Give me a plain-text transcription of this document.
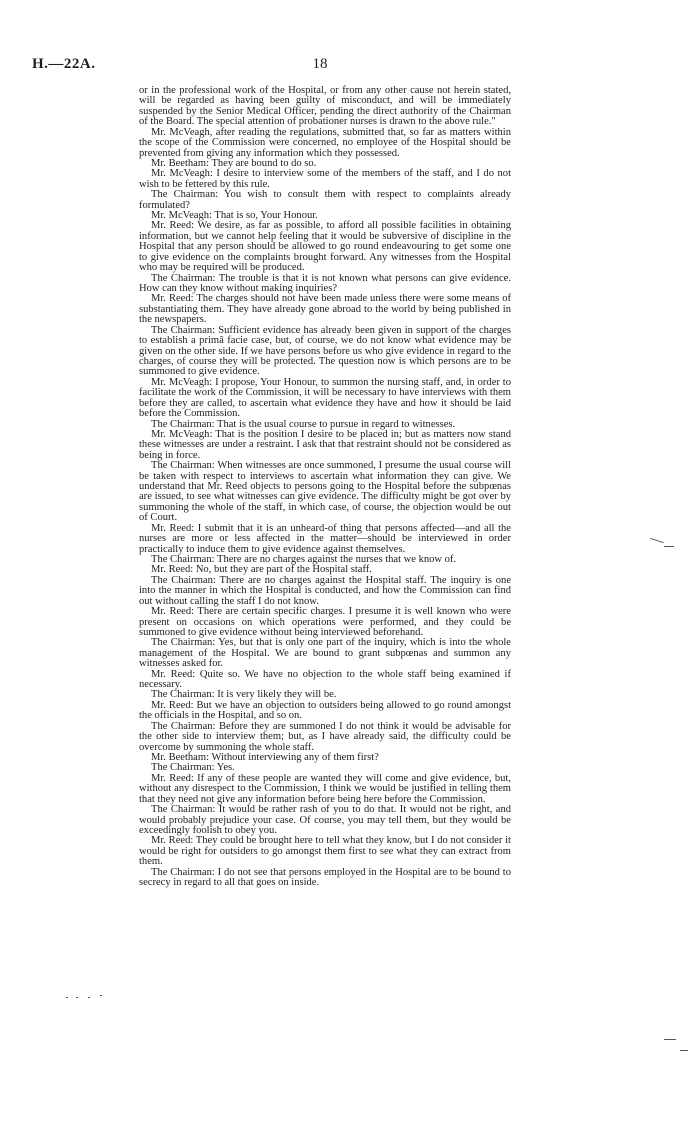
H.—22A.	18

or in the professional work of the Hospital, or from any other cause not herein stated, will be regarded as having been guilty of misconduct, and will be immediately suspended by the Senior Medical Officer, pending the direct authority of the Chairman of the Board. The special attention of probationer nurses is drawn to the above rule."

Mr. McVeagh, after reading the regulations, submitted that, so far as matters within the scope of the Commission were concerned, no employee of the Hospital should be prevented from giving any information which they possessed.

Mr. Beetham: They are bound to do so.

Mr. McVeagh: I desire to interview some of the members of the staff, and I do not wish to be fettered by this rule.

The Chairman: You wish to consult them with respect to complaints already formulated?

Mr. McVeagh: That is so, Your Honour.

Mr. Reed: We desire, as far as possible, to afford all possible facilities in obtaining information, but we cannot help feeling that it would be subversive of discipline in the Hospital that any person should be allowed to go round endeavouring to get some one to give evidence on the complaints brought forward. Any witnesses from the Hospital who may be required will be produced.

The Chairman: The trouble is that it is not known what persons can give evidence. How can they know without making inquiries?

Mr. Reed: The charges should not have been made unless there were some means of substantiating them. They have already gone abroad to the world by being published in the newspapers.

The Chairman: Sufficient evidence has already been given in support of the charges to establish a primâ facie case, but, of course, we do not know what evidence may be given on the other side. If we have persons before us who give evidence in regard to the charges, of course they will be protected. The question now is which persons are to be summoned to give evidence.

Mr. McVeagh: I propose, Your Honour, to summon the nursing staff, and, in order to facilitate the work of the Commission, it will be necessary to have interviews with them before they are called, to ascertain what evidence they have and how it should be laid before the Commission.

The Chairman: That is the usual course to pursue in regard to witnesses.

Mr. McVeagh: That is the position I desire to be placed in; but as matters now stand these witnesses are under a restraint. I ask that that restraint should not be considered as being in force.

The Chairman: When witnesses are once summoned, I presume the usual course will be taken with respect to interviews to ascertain what information they can give. We understand that Mr. Reed objects to persons going to the Hospital before the subpœnas are issued, to see what witnesses can give evidence. The difficulty might be got over by summoning the whole of the staff, in which case, of course, the objection would be out of Court.

Mr. Reed: I submit that it is an unheard-of thing that persons affected—and all the nurses are more or less affected in the matter—should be interviewed in order practically to induce them to give evidence against themselves.

The Chairman: There are no charges against the nurses that we know of.

Mr. Reed: No, but they are part of the Hospital staff.

The Chairman: There are no charges against the Hospital staff. The inquiry is one into the manner in which the Hospital is conducted, and how the Commission can find out without calling the staff I do not know.

Mr. Reed: There are certain specific charges. I presume it is well known who were present on occasions on which operations were performed, and they could be summoned to give evidence without being interviewed beforehand.

The Chairman: Yes, but that is only one part of the inquiry, which is into the whole management of the Hospital. We are bound to grant subpœnas and summon any witnesses asked for.

Mr. Reed: Quite so. We have no objection to the whole staff being examined if necessary.

The Chairman: It is very likely they will be.

Mr. Reed: But we have an objection to outsiders being allowed to go round amongst the officials in the Hospital, and so on.

The Chairman: Before they are summoned I do not think it would be advisable for the other side to interview them; but, as I have already said, the difficulty could be overcome by summoning the whole staff.

Mr. Beetham: Without interviewing any of them first?

The Chairman: Yes.

Mr. Reed: If any of these people are wanted they will come and give evidence, but, without any disrespect to the Commission, I think we would be justified in telling them that they need not give any information before being here before the Commission.

The Chairman: It would be rather rash of you to do that. It would not be right, and would probably prejudice your case. Of course, you may tell them, but they would be exceedingly foolish to obey you.

Mr. Reed: They could be brought here to tell what they know, but I do not consider it would be right for outsiders to go amongst them first to see what they can extract from them.

The Chairman: I do not see that persons employed in the Hospital are to be bound to secrecy in regard to all that goes on inside.
